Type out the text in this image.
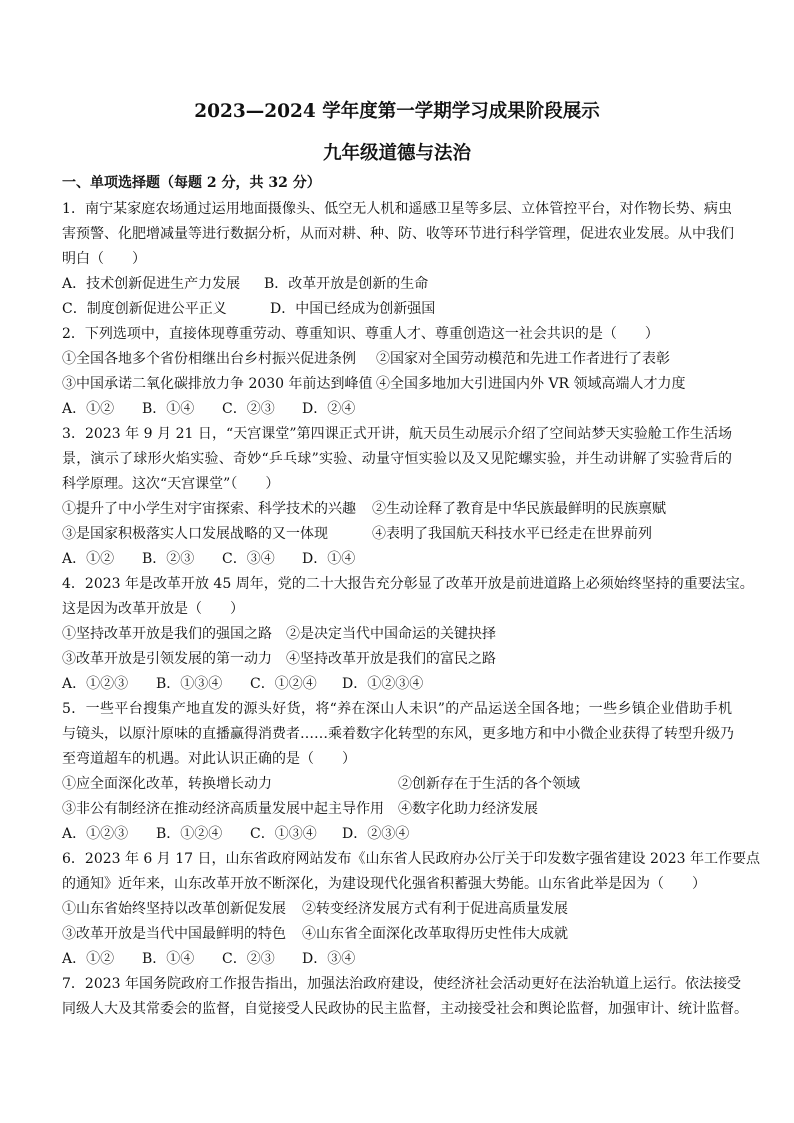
2023—2024 学年度第一学期学习成果阶段展示
九年级道德与法治
一、单项选择题（每题 2 分，共 32 分）
1．南宁某家庭农场通过运用地面摄像头、低空无人机和遥感卫星等多层、立体管控平台，对作物长势、病虫
害预警、化肥增减量等进行数据分析，从而对耕、种、防、收等环节进行科学管理，促进农业发展。从中我们
明白（　　）
A．技术创新促进生产力发展 B．改革开放是创新的生命
C．制度创新促进公平正义	D．中国已经成为创新强国
2．下列选项中，直接体现尊重劳动、尊重知识、尊重人才、尊重创造这一社会共识的是（　　）
①全国各地多个省份相继出台乡村振兴促进条例 ②国家对全国劳动模范和先进工作者进行了表彰
③中国承诺二氧化碳排放力争 2030 年前达到峰值 ④全国多地加大引进国内外 VR 领域高端人才力度
A．①② B．①④ C．②③ D．②④
3．2023 年 9 月 21 日，“天宫课堂”第四课正式开讲，航天员生动展示介绍了空间站梦天实验舱工作生活场
景，演示了球形火焰实验、奇妙“乒乓球”实验、动量守恒实验以及又见陀螺实验，并生动讲解了实验背后的
科学原理。这次“天宫课堂”（　　）
①提升了中小学生对宇宙探索、科学技术的兴趣 ②生动诠释了教育是中华民族最鲜明的民族禀赋
③是国家积极落实人口发展战略的又一体现	④表明了我国航天科技水平已经走在世界前列
A．①② B．②③ C．③④ D．①④
4．2023 年是改革开放 45 周年，党的二十大报告充分彰显了改革开放是前进道路上必须始终坚持的重要法宝。
这是因为改革开放是（　　）
①坚持改革开放是我们的强国之路 ②是决定当代中国命运的关键抉择
③改革开放是引领发展的第一动力 ④坚持改革开放是我们的富民之路
A．①②③ B．①③④ C．①②④ D．①②③④
5．一些平台搜集产地直发的源头好货，将“养在深山人未识”的产品运送全国各地；一些乡镇企业借助手机
与镜头，以原汁原味的直播赢得消费者……乘着数字化转型的东风，更多地方和中小微企业获得了转型升级乃
至弯道超车的机遇。对此认识正确的是（　　）
①应全面深化改革，转换增长动力	②创新存在于生活的各个领域
③非公有制经济在推动经济高质量发展中起主导作用 ④数字化助力经济发展
A．①②③ B．①②④ C．①③④ D．②③④
6．2023 年 6 月 17 日，山东省政府网站发布《山东省人民政府办公厅关于印发数字强省建设 2023 年工作要点
的通知》近年来，山东改革开放不断深化，为建设现代化强省积蓄强大势能。山东省此举是因为（　　）
①山东省始终坚持以改革创新促发展 ②转变经济发展方式有利于促进高质量发展
③改革开放是当代中国最鲜明的特色 ④山东省全面深化改革取得历史性伟大成就
A．①② B．①④ C．②③ D．③④
7．2023 年国务院政府工作报告指出，加强法治政府建设，使经济社会活动更好在法治轨道上运行。依法接受
同级人大及其常委会的监督，自觉接受人民政协的民主监督，主动接受社会和舆论监督，加强审计、统计监督。
